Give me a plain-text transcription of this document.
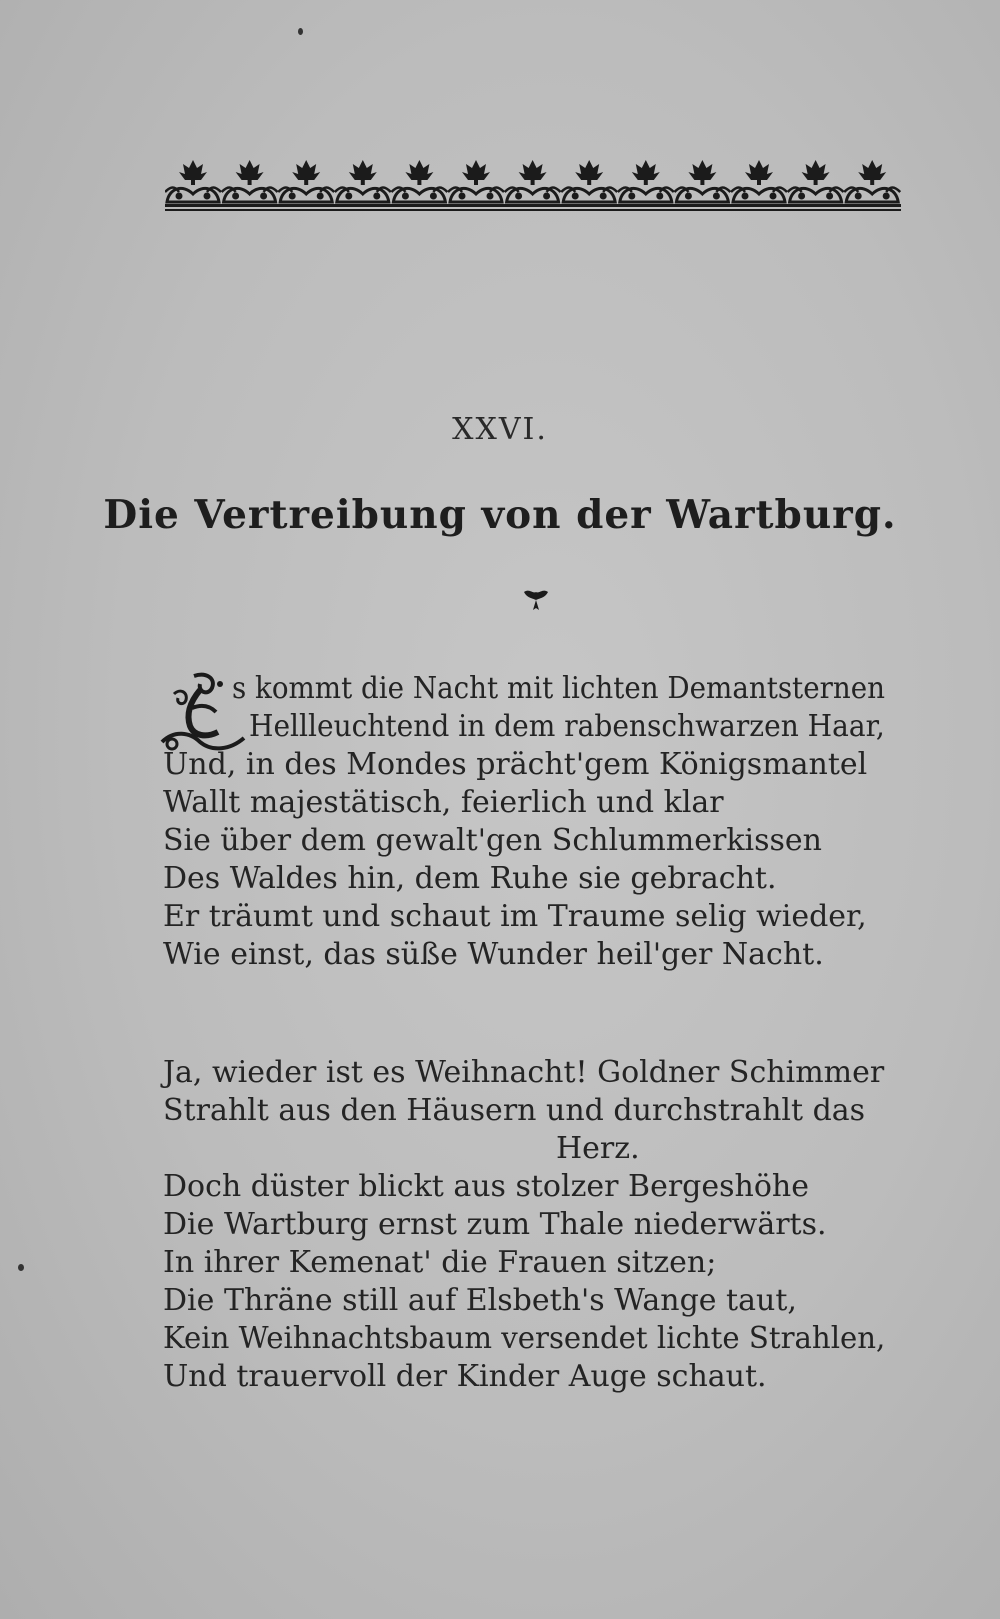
XXVI.
Die Vertreibung von der Wartburg.
s kommt die Nacht mit lichten Demantsternen
Hellleuchtend in dem rabenschwarzen Haar,
Und, in des Mondes prächt'gem Königsmantel
Wallt majestätisch, feierlich und klar
Sie über dem gewalt'gen Schlummerkissen
Des Waldes hin, dem Ruhe sie gebracht.
Er träumt und schaut im Traume selig wieder,
Wie einst, das süße Wunder heil'ger Nacht.
Ja, wieder ist es Weihnacht! Goldner Schimmer
Strahlt aus den Häusern und durchstrahlt das
Herz.
Doch düster blickt aus stolzer Bergeshöhe
Die Wartburg ernst zum Thale niederwärts.
In ihrer Kemenat' die Frauen sitzen;
Die Thräne still auf Elsbeth's Wange taut,
Kein Weihnachtsbaum versendet lichte Strahlen,
Und trauervoll der Kinder Auge schaut.
